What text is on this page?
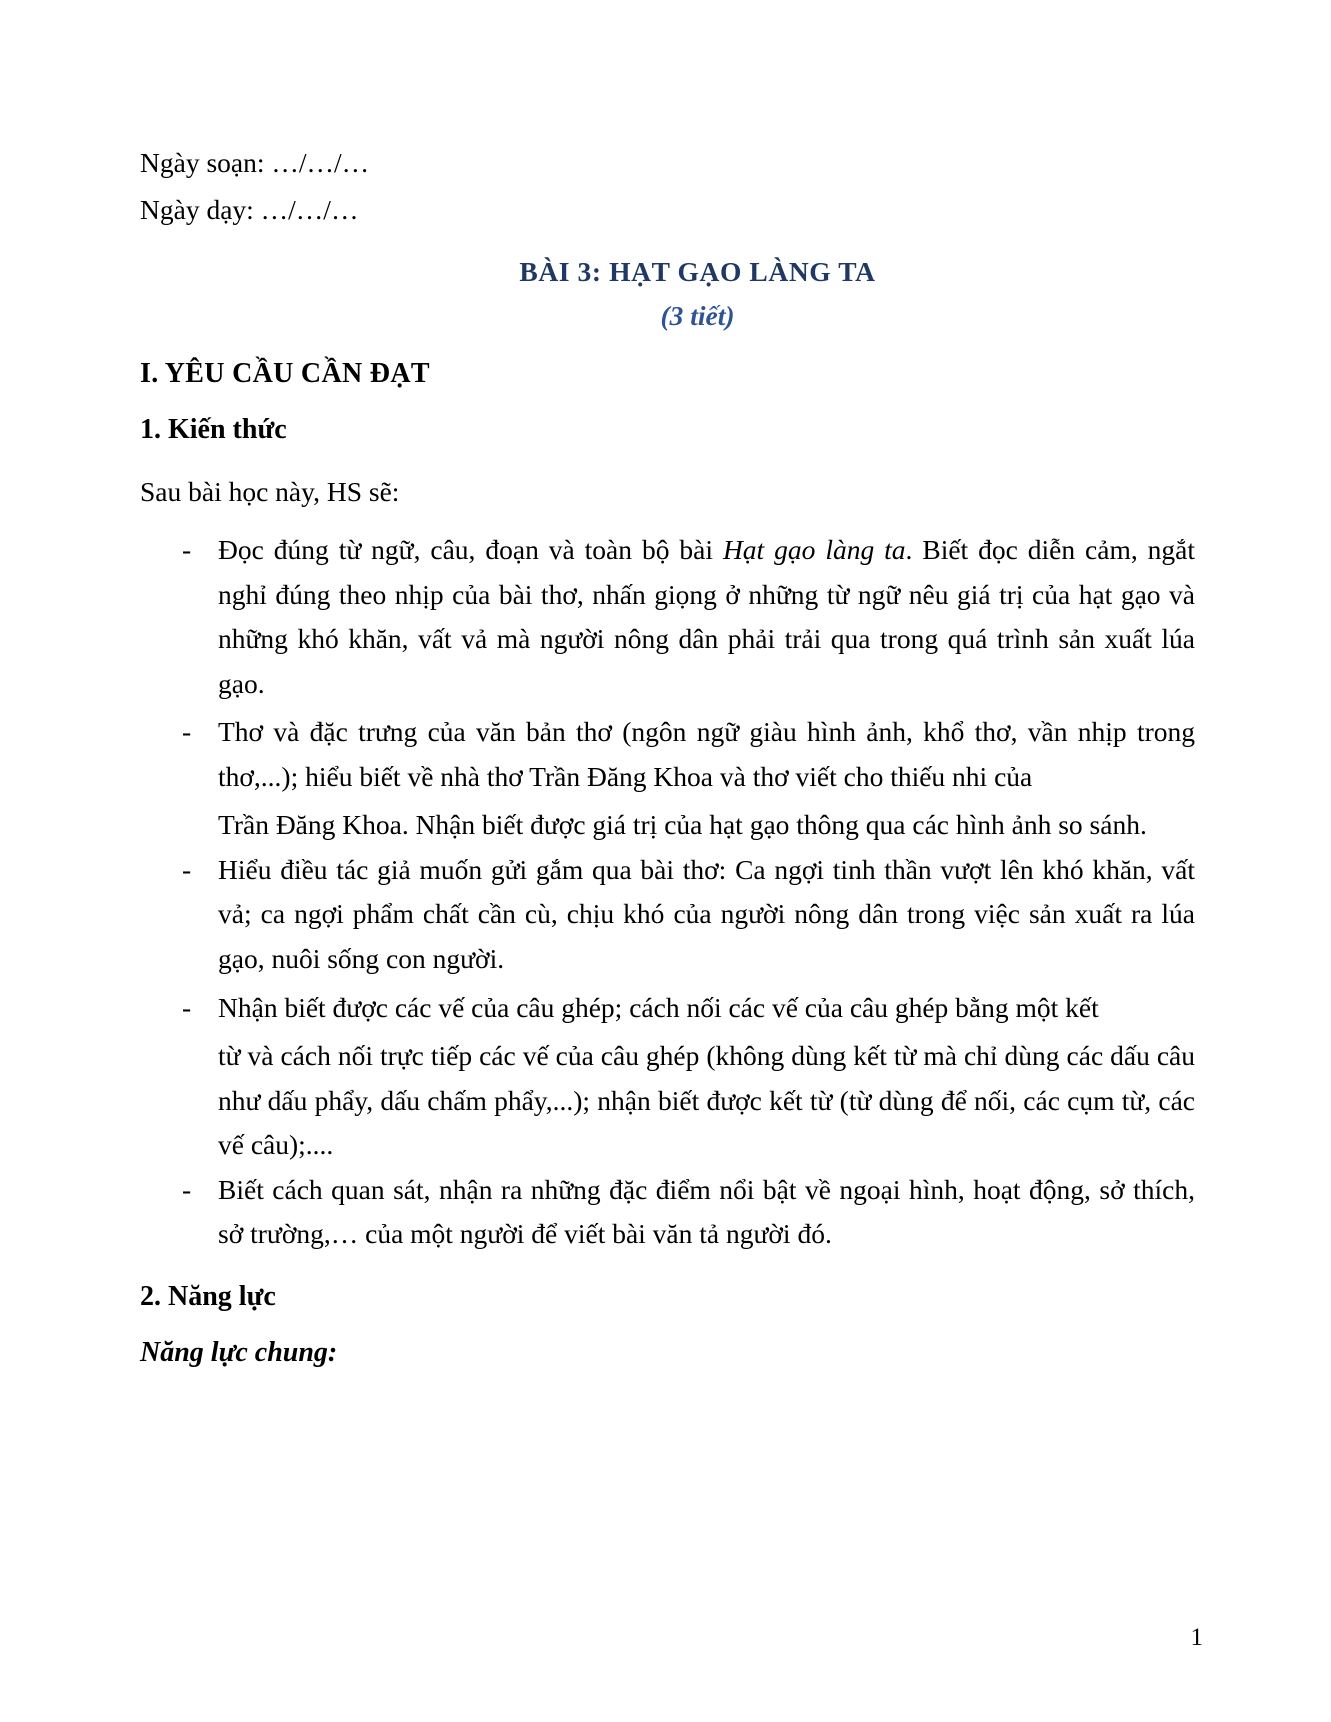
Ngày soạn: …/…/…
Ngày dạy: …/…/…
BÀI 3: HẠT GẠO LÀNG TA
(3 tiết)
I. YÊU CẦU CẦN ĐẠT
1. Kiến thức
Sau bài học này, HS sẽ:
- Đọc đúng từ ngữ, câu, đoạn và toàn bộ bài Hạt gạo làng ta. Biết đọc diễn cảm, ngắt nghỉ đúng theo nhịp của bài thơ, nhấn giọng ở những từ ngữ nêu giá trị của hạt gạo và những khó khăn, vất vả mà người nông dân phải trải qua trong quá trình sản xuất lúa gạo.

- Thơ và đặc trưng của văn bản thơ (ngôn ngữ giàu hình ảnh, khổ thơ, vần nhịp trong thơ,...); hiểu biết về nhà thơ Trần Đăng Khoa và thơ viết cho thiếu nhi của

Trần Đăng Khoa. Nhận biết được giá trị của hạt gạo thông qua các hình ảnh so sánh.

- Hiểu điều tác giả muốn gửi gắm qua bài thơ: Ca ngợi tinh thần vượt lên khó khăn, vất vả; ca ngợi phẩm chất cần cù, chịu khó của người nông dân trong việc sản xuất ra lúa gạo, nuôi sống con người.

- Nhận biết được các vế của câu ghép; cách nối các vế của câu ghép bằng một kết

từ và cách nối trực tiếp các vế của câu ghép (không dùng kết từ mà chỉ dùng các dấu câu như dấu phẩy, dấu chấm phẩy,...); nhận biết được kết từ (từ dùng để nối, các cụm từ, các vế câu);....

- Biết cách quan sát, nhận ra những đặc điểm nổi bật về ngoại hình, hoạt động, sở thích, sở trường,… của một người để viết bài văn tả người đó.

2. Năng lực
Năng lực chung:
1
